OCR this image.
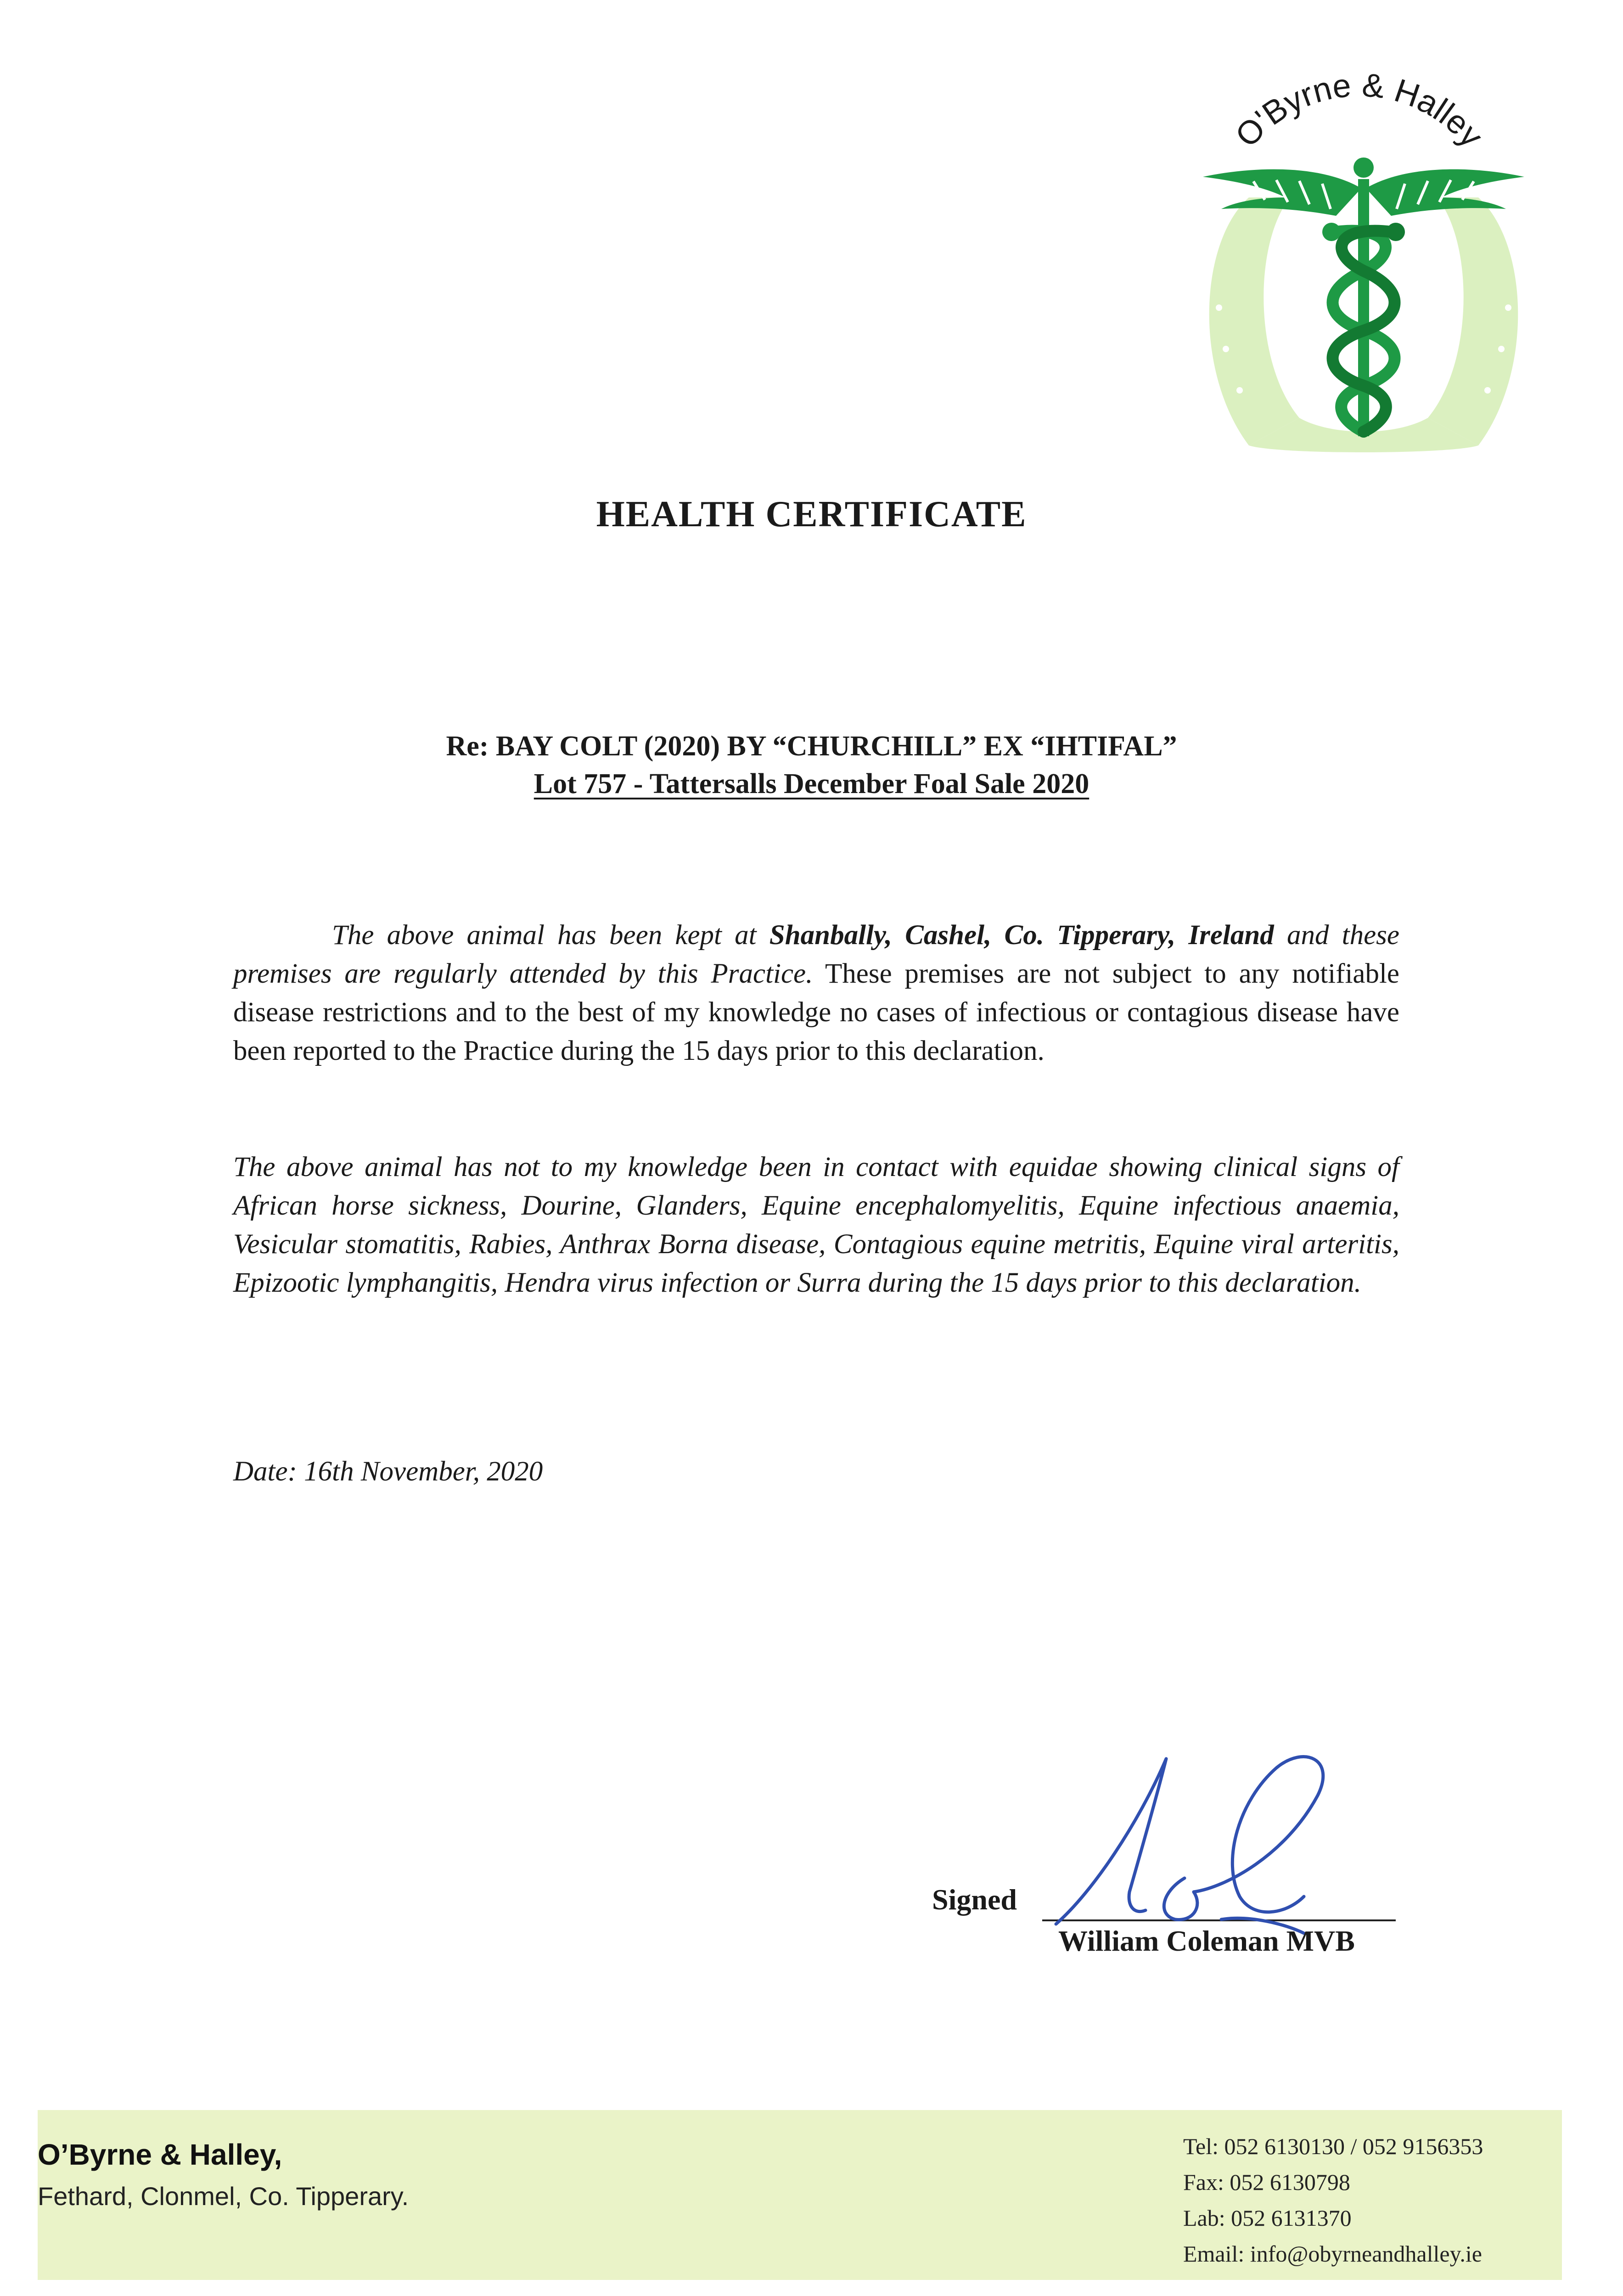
O'Byrne & Halley
HEALTH CERTIFICATE
Re: BAY COLT (2020) BY “CHURCHILL” EX “IHTIFAL”
Lot 757 - Tattersalls December Foal Sale 2020
The above animal has been kept at Shanbally, Cashel, Co. Tipperary, Ireland and these premises are regularly attended by this Practice. These premises are not subject to any notifiable disease restrictions and to the best of my knowledge no cases of infectious or contagious disease have been reported to the Practice during the 15 days prior to this declaration.
The above animal has not to my knowledge been in contact with equidae showing clinical signs of African horse sickness, Dourine, Glanders, Equine encephalomyelitis, Equine infectious anaemia, Vesicular stomatitis, Rabies, Anthrax Borna disease, Contagious equine metritis, Equine viral arteritis, Epizootic lymphangitis, Hendra virus infection or Surra during the 15 days prior to this declaration.
Date: 16th November, 2020
Signed
William Coleman MVB
O’Byrne & Halley,
Fethard, Clonmel, Co. Tipperary.
Tel: 052 6130130 / 052 9156353
Fax: 052 6130798
Lab: 052 6131370
Email: info@obyrneandhalley.ie
